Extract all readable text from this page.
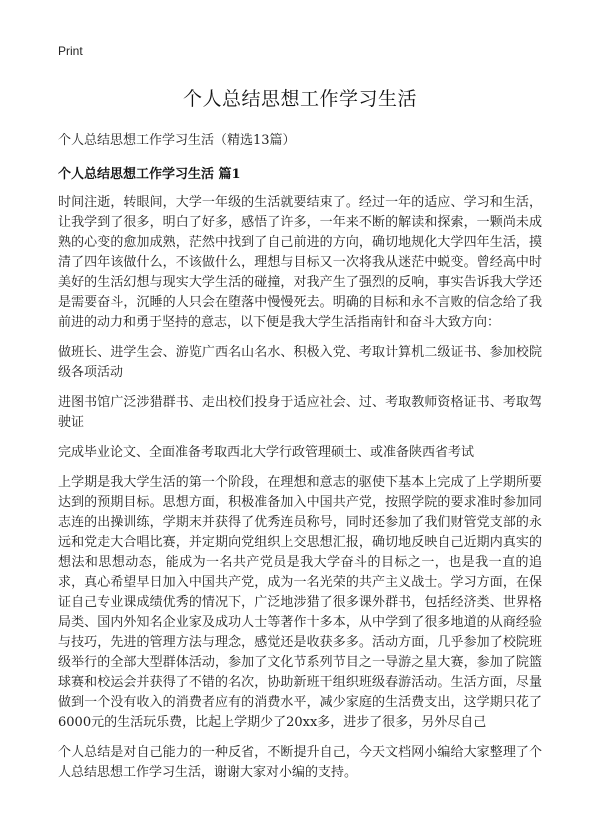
Print
个人总结思想工作学习生活

个人总结思想工作学习生活（精选13篇）

个人总结思想工作学习生活 篇1

时间注逝，转眼间，大学一年级的生活就要结束了。经过一年的适应、学习和生活，让我学到了很多，明白了好多，感悟了许多，一年来不断的解读和探索，一颗尚未成熟的心变的愈加成熟，茫然中找到了自己前进的方向，确切地规化大学四年生活，摸清了四年该做什么，不该做什么，理想与目标又一次将我从迷茫中蜕变。曾经高中时美好的生活幻想与现实大学生活的碰撞，对我产生了强烈的反响，事实告诉我大学还是需要奋斗，沉睡的人只会在堕落中慢慢死去。明确的目标和永不言败的信念给了我前进的动力和勇于坚持的意志，以下便是我大学生活指南针和奋斗大致方向：

做班长、进学生会、游览广西名山名水、积极入党、考取计算机二级证书、参加校院级各项活动

进图书馆广泛涉猎群书、走出校们投身于适应社会、过、考取教师资格证书、考取驾驶证

完成毕业论文、全面准备考取西北大学行政管理硕士、或准备陕西省考试

上学期是我大学生活的第一个阶段，在理想和意志的驱使下基本上完成了上学期所要达到的预期目标。思想方面，积极准备加入中国共产党，按照学院的要求准时参加同志连的出操训练，学期末并获得了优秀连员称号，同时还参加了我们财管党支部的永远和党走大合唱比赛，并定期向党组织上交思想汇报，确切地反映自己近期内真实的想法和思想动态，能成为一名共产党员是我大学奋斗的目标之一，也是我一直的追求，真心希望早日加入中国共产党，成为一名光荣的共产主义战士。学习方面，在保证自己专业课成绩优秀的情况下，广泛地涉猎了很多课外群书，包括经济类、世界格局类、国内外知名企业家及成功人士等著作十多本，从中学到了很多地道的从商经验与技巧，先进的管理方法与理念，感觉还是收获多多。活动方面，几乎参加了校院班级举行的全部大型群体活动，参加了文化节系列节目之一导游之星大赛，参加了院篮球赛和校运会并获得了不错的名次，协助新班干组织班级春游活动。生活方面，尽量做到一个没有收入的消费者应有的消费水平，减少家庭的生活费支出，这学期只花了6000元的生活玩乐费，比起上学期少了20xx多，进步了很多，另外尽自己

个人总结是对自己能力的一种反省，不断提升自己，今天文档网小编给大家整理了个人总结思想工作学习生活，谢谢大家对小编的支持。
